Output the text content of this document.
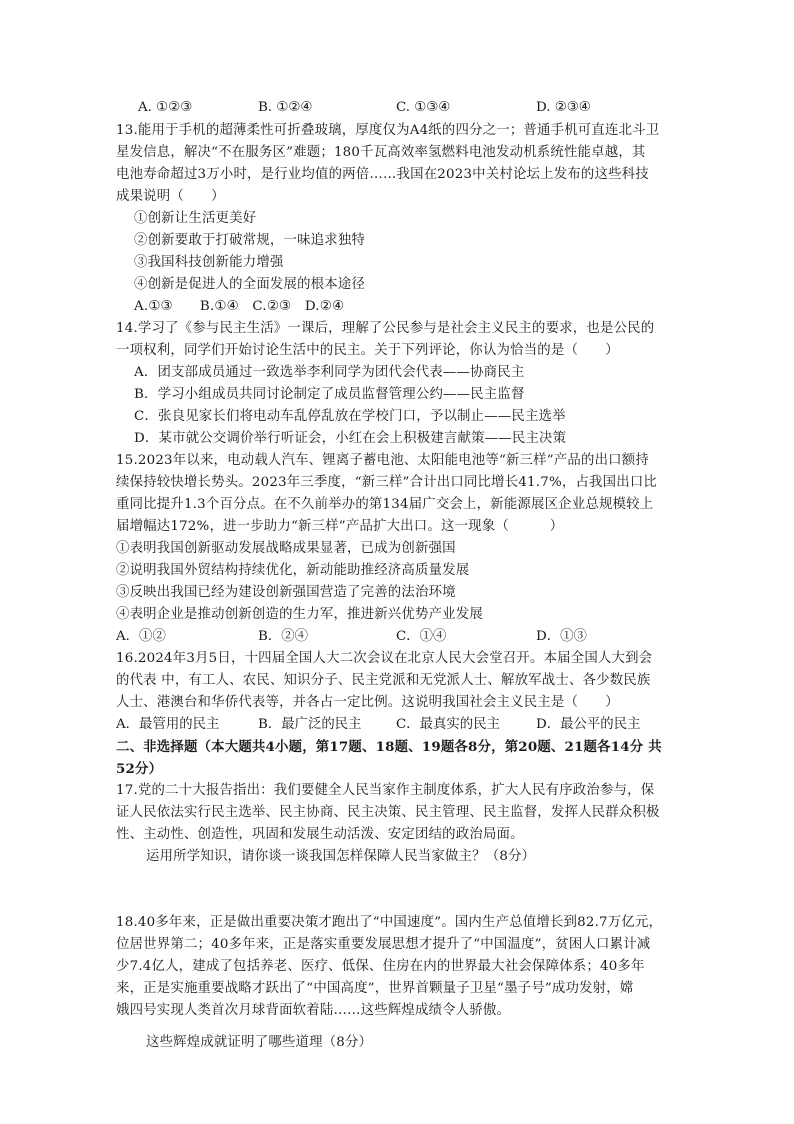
A. ①②③	B. ①②④	C. ①③④	D. ②③④
13.能用于手机的超薄柔性可折叠玻璃，厚度仅为A4纸的四分之一；普通手机可直连北斗卫
星发信息，解决“不在服务区”难题；180千瓦高效率氢燃料电池发动机系统性能卓越，其
电池寿命超过3万小时，是行业均值的两倍……我国在2023中关村论坛上发布的这些科技
成果说明（　　）
①创新让生活更美好
②创新要敢于打破常规，一味追求独特
③我国科技创新能力增强
④创新是促进人的全面发展的根本途径
A.①③　　B.①④　C.②③　D.②④
14.学习了《参与民主生活》一课后，理解了公民参与是社会主义民主的要求，也是公民的
一项权利，同学们开始讨论生活中的民主。关于下列评论，你认为恰当的是（　　）
A．团支部成员通过一致选举李利同学为团代会代表——协商民主
B．学习小组成员共同讨论制定了成员监督管理公约——民主监督
C．张良见家长们将电动车乱停乱放在学校门口，予以制止——民主选举
D．某市就公交调价举行听证会，小红在会上积极建言献策——民主决策
15.2023年以来，电动载人汽车、锂离子蓄电池、太阳能电池等“新三样”产品的出口额持
续保持较快增长势头。2023年三季度，“新三样”合计出口同比增长41.7%，占我国出口比
重同比提升1.3个百分点。在不久前举办的第134届广交会上，新能源展区企业总规模较上
届增幅达172%，进一步助力“新三样”产品扩大出口。这一现象（　　　）
①表明我国创新驱动发展战略成果显著，已成为创新强国
②说明我国外贸结构持续优化，新动能助推经济高质量发展
③反映出我国已经为建设创新强国营造了完善的法治环境
④表明企业是推动创新创造的生力军，推进新兴优势产业发展
A．①②	B．②④	C．①④	D．①③
16.2024年3月5日，十四届全国人大二次会议在北京人民大会堂召开。本届全国人大到会
的代表 中，有工人、农民、知识分子、民主党派和无党派人士、解放军战士、各少数民族
人士、港澳台和华侨代表等，并各占一定比例。这说明我国社会主义民主是（　　）
A．最管用的民主	B．最广泛的民主	C．最真实的民主	D．最公平的民主
二、非选择题（本大题共4小题，第17题、18题、19题各8分，第20题、21题各14分 共
52分）
17.党的二十大报告指出：我们要健全人民当家作主制度体系，扩大人民有序政治参与，保
证人民依法实行民主选举、民主协商、民主决策、民主管理、民主监督，发挥人民群众积极
性、主动性、创造性，巩固和发展生动活泼、安定团结的政治局面。
运用所学知识，请你谈一谈我国怎样保障人民当家做主？（8分）
18.40多年来，正是做出重要决策才跑出了“中国速度”。国内生产总值增长到82.7万亿元，
位居世界第二；40多年来，正是落实重要发展思想才提升了“中国温度”，贫困人口累计减
少7.4亿人，建成了包括养老、医疗、低保、住房在内的世界最大社会保障体系；40多年
来，正是实施重要战略才跃出了“中国高度”，世界首颗量子卫星“墨子号”成功发射，嫦
娥四号实现人类首次月球背面软着陆……这些辉煌成绩令人骄傲。
这些辉煌成就证明了哪些道理（8分）
